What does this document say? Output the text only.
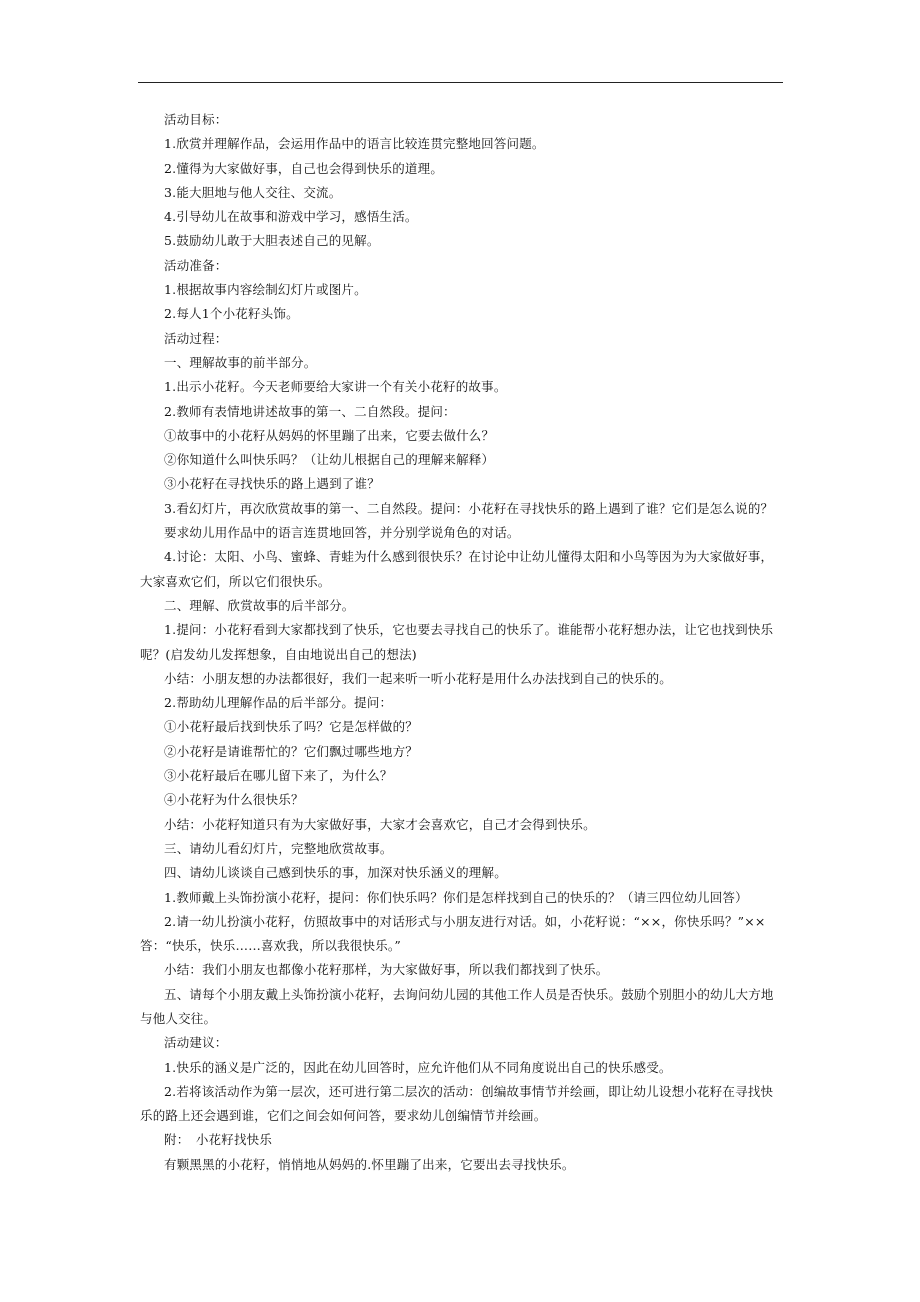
活动目标：

1.欣赏并理解作品，会运用作品中的语言比较连贯完整地回答问题。

2.懂得为大家做好事，自己也会得到快乐的道理。

3.能大胆地与他人交往、交流。

4.引导幼儿在故事和游戏中学习，感悟生活。

5.鼓励幼儿敢于大胆表述自己的见解。

活动准备：

1.根据故事内容绘制幻灯片或图片。

2.每人1个小花籽头饰。

活动过程：

一、理解故事的前半部分。

1.出示小花籽。今天老师要给大家讲一个有关小花籽的故事。

2.教师有表情地讲述故事的第一、二自然段。提问：

①故事中的小花籽从妈妈的怀里蹦了出来，它要去做什么？

②你知道什么叫快乐吗？（让幼儿根据自己的理解来解释）

③小花籽在寻找快乐的路上遇到了谁？

3.看幻灯片，再次欣赏故事的第一、二自然段。提问：小花籽在寻找快乐的路上遇到了谁？它们是怎么说的？

要求幼儿用作品中的语言连贯地回答，并分别学说角色的对话。

4.讨论：太阳、小鸟、蜜蜂、青蛙为什么感到很快乐？在讨论中让幼儿懂得太阳和小鸟等因为为大家做好事，大家喜欢它们，所以它们很快乐。

二、理解、欣赏故事的后半部分。

1.提问：小花籽看到大家都找到了快乐，它也要去寻找自己的快乐了。谁能帮小花籽想办法，让它也找到快乐呢？(启发幼儿发挥想象，自由地说出自己的想法)

小结：小朋友想的办法都很好，我们一起来听一听小花籽是用什么办法找到自己的快乐的。

2.帮助幼儿理解作品的后半部分。提问：

①小花籽最后找到快乐了吗？它是怎样做的？

②小花籽是请谁帮忙的？它们飘过哪些地方？

③小花籽最后在哪儿留下来了，为什么？

④小花籽为什么很快乐？

小结：小花籽知道只有为大家做好事，大家才会喜欢它，自己才会得到快乐。

三、请幼儿看幻灯片，完整地欣赏故事。

四、请幼儿谈谈自己感到快乐的事，加深对快乐涵义的理解。

1.教师戴上头饰扮演小花籽，提问：你们快乐吗？你们是怎样找到自己的快乐的？（请三四位幼儿回答）

2.请一幼儿扮演小花籽，仿照故事中的对话形式与小朋友进行对话。如，小花籽说：“××，你快乐吗？”××答：“快乐，快乐……喜欢我，所以我很快乐。”

小结：我们小朋友也都像小花籽那样，为大家做好事，所以我们都找到了快乐。

五、请每个小朋友戴上头饰扮演小花籽，去询问幼儿园的其他工作人员是否快乐。鼓励个别胆小的幼儿大方地与他人交往。

活动建议：

1.快乐的涵义是广泛的，因此在幼儿回答时，应允许他们从不同角度说出自己的快乐感受。

2.若将该活动作为第一层次，还可进行第二层次的活动：创编故事情节并绘画，即让幼儿设想小花籽在寻找快乐的路上还会遇到谁，它们之间会如何问答，要求幼儿创编情节并绘画。

附：　小花籽找快乐

有颗黑黑的小花籽，悄悄地从妈妈的.怀里蹦了出来，它要出去寻找快乐。
